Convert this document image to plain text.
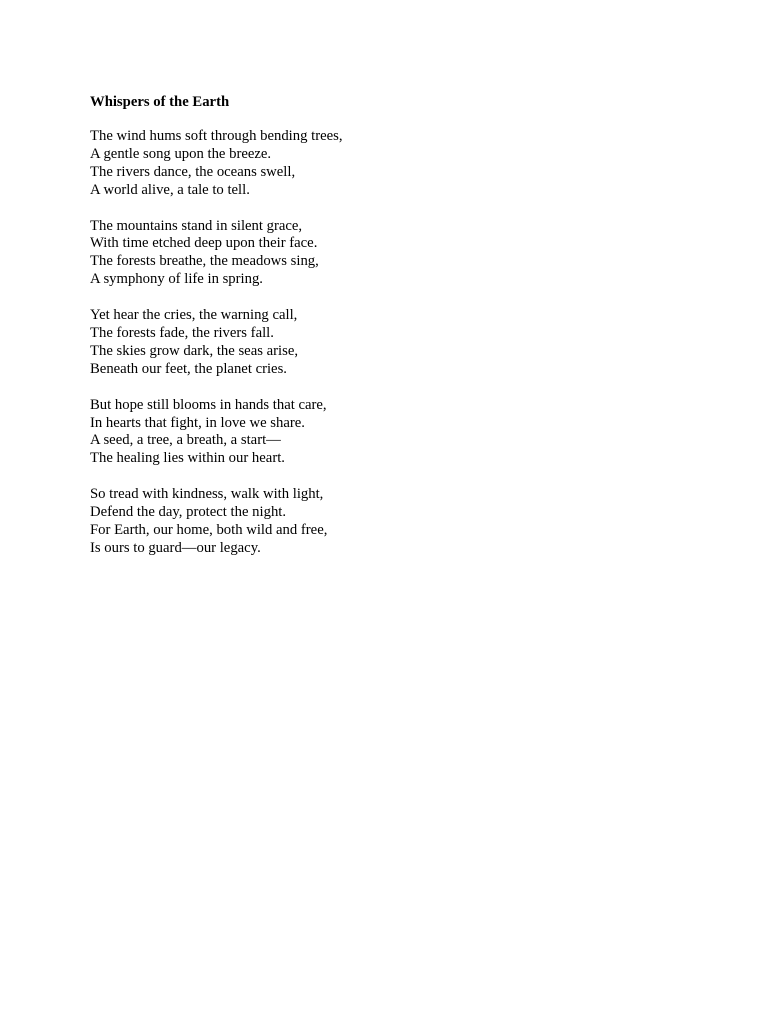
Whispers of the Earth
The wind hums soft through bending trees,
A gentle song upon the breeze.
The rivers dance, the oceans swell,
A world alive, a tale to tell.
The mountains stand in silent grace,
With time etched deep upon their face.
The forests breathe, the meadows sing,
A symphony of life in spring.
Yet hear the cries, the warning call,
The forests fade, the rivers fall.
The skies grow dark, the seas arise,
Beneath our feet, the planet cries.
But hope still blooms in hands that care,
In hearts that fight, in love we share.
A seed, a tree, a breath, a start—
The healing lies within our heart.
So tread with kindness, walk with light,
Defend the day, protect the night.
For Earth, our home, both wild and free,
Is ours to guard—our legacy.
